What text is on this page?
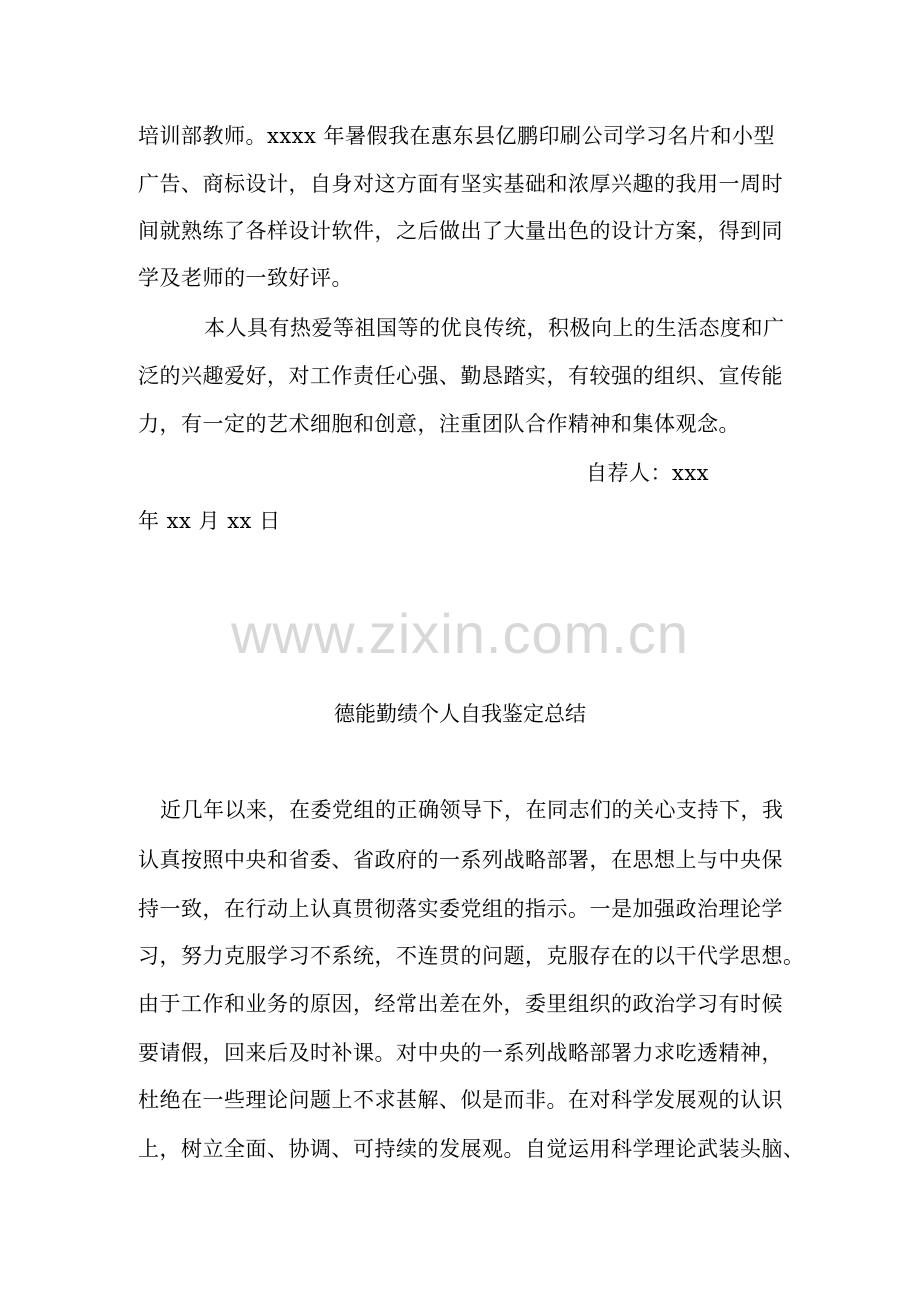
培训部教师。xxxx 年暑假我在惠东县亿鹏印刷公司学习名片和小型

广告、商标设计，自身对这方面有坚实基础和浓厚兴趣的我用一周时

间就熟练了各样设计软件，之后做出了大量出色的设计方案，得到同

学及老师的一致好评。

本人具有热爱等祖国等的优良传统，积极向上的生活态度和广

泛的兴趣爱好，对工作责任心强、勤恳踏实，有较强的组织、宣传能

力，有一定的艺术细胞和创意，注重团队合作精神和集体观念。

自荐人：xxx

年 xx 月 xx 日

www.zixin.com.cn
德能勤绩个人自我鉴定总结

近几年以来，在委党组的正确领导下，在同志们的关心支持下，我

认真按照中央和省委、省政府的一系列战略部署，在思想上与中央保

持一致，在行动上认真贯彻落实委党组的指示。一是加强政治理论学

习，努力克服学习不系统，不连贯的问题，克服存在的以干代学思想。

由于工作和业务的原因，经常出差在外，委里组织的政治学习有时候

要请假，回来后及时补课。对中央的一系列战略部署力求吃透精神，

杜绝在一些理论问题上不求甚解、似是而非。在对科学发展观的认识

上，树立全面、协调、可持续的发展观。自觉运用科学理论武装头脑、
